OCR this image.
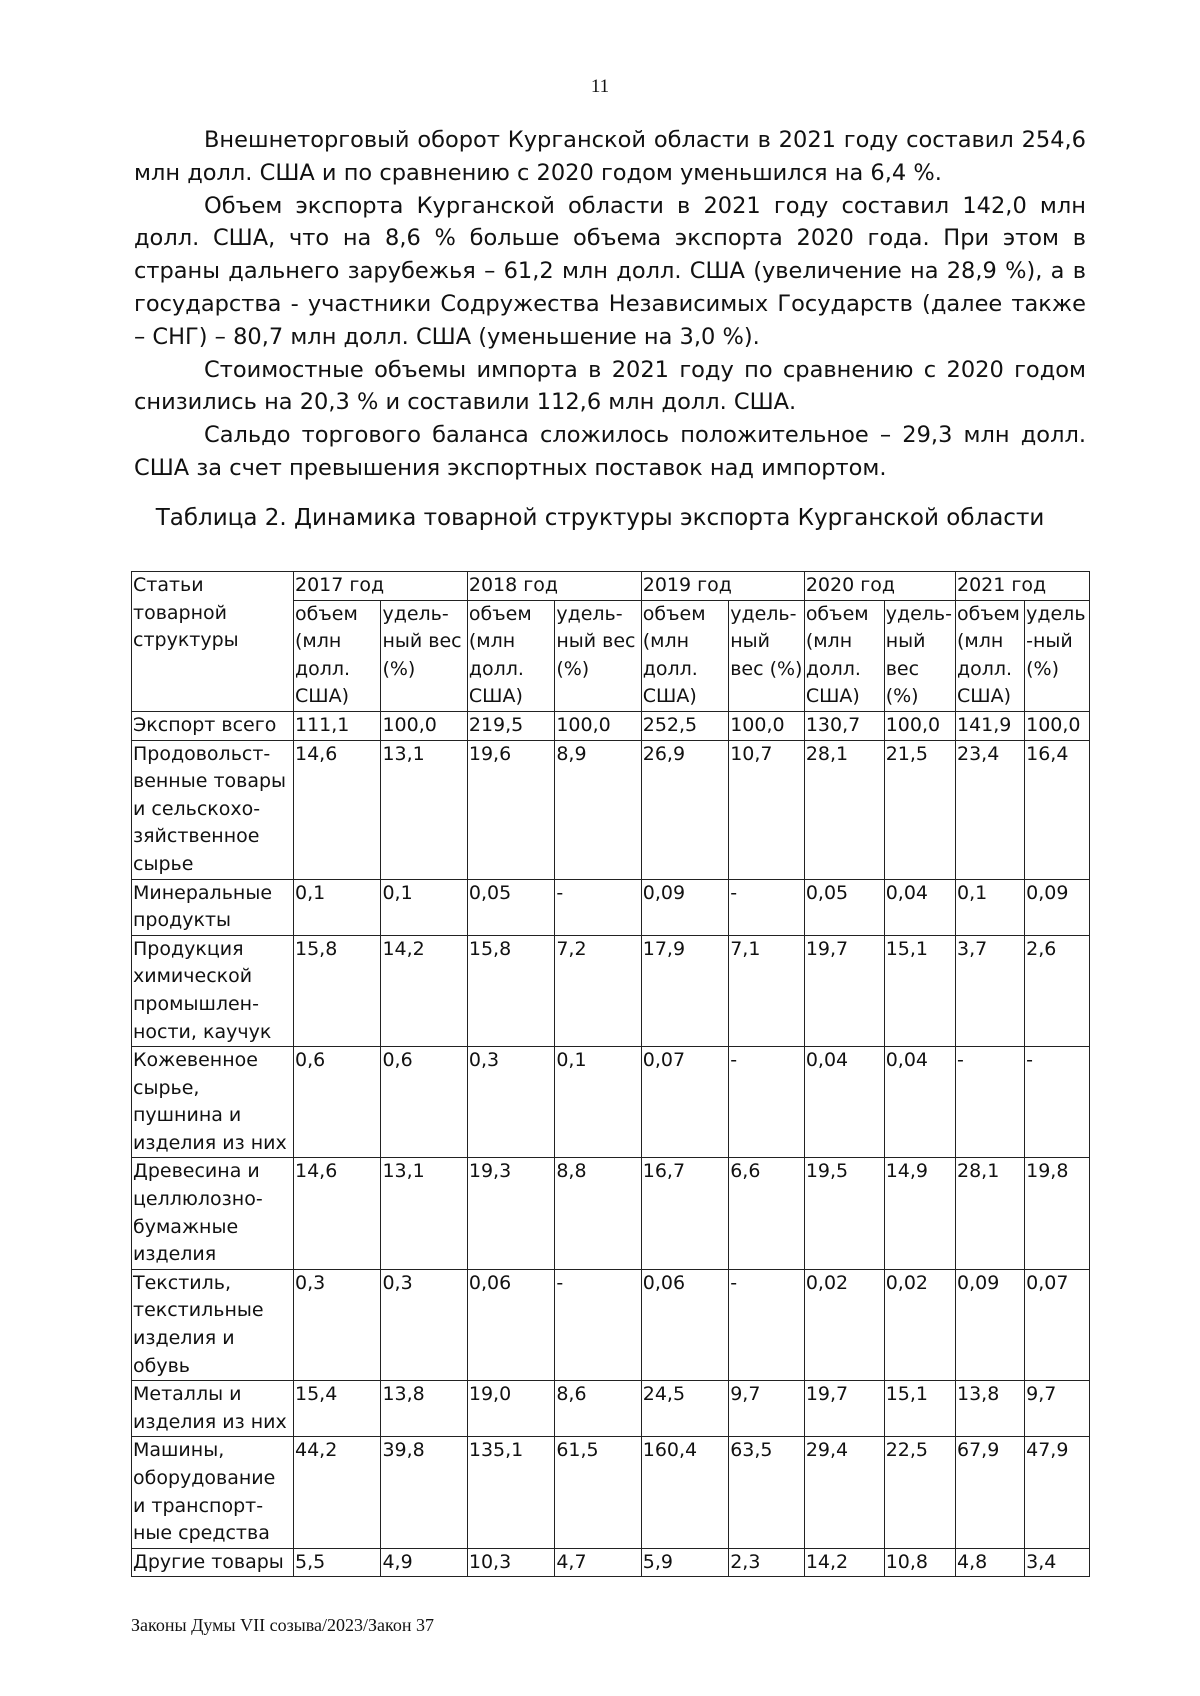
11

Внешнеторговый оборот Курганской области в 2021 году составил 254,6 млн долл. США и по сравнению с 2020 годом уменьшился на 6,4 %.

Объем экспорта Курганской области в 2021 году составил 142,0 млн долл. США, что на 8,6 % больше объема экспорта 2020 года. При этом в страны дальнего зарубежья – 61,2 млн долл. США (увеличение на 28,9 %), а в государства - участники Содружества Независимых Государств (далее также – СНГ) – 80,7 млн долл. США (уменьшение на 3,0 %).

Стоимостные объемы импорта в 2021 году по сравнению с 2020 годом снизились на 20,3 % и составили 112,6 млн долл. США.

Сальдо торгового баланса сложилось положительное – 29,3 млн долл. США за счет превышения экспортных поставок над импортом.

Таблица 2. Динамика товарной структуры экспорта Курганской области
Статьи товарной структуры	2017 год		2018 год		2019 год		2020 год		2021 год	
	объем (млн долл. США)	удель-ный вес (%)	объем (млн долл. США)	удель-ный вес (%)	объем (млн долл. США)	удель-ный вес (%)	объем (млн долл. США)	удель-ный вес (%)	объем (млн долл. США)	удель-ный (%)
Экспорт всего	111,1	100,0	219,5	100,0	252,5	100,0	130,7	100,0	141,9	100,0
Продовольст-венные товары и сельскохо-зяйственное сырье	14,6	13,1	19,6	8,9	26,9	10,7	28,1	21,5	23,4	16,4
Минеральные продукты	0,1	0,1	0,05	-	0,09	-	0,05	0,04	0,1	0,09
Продукция химической промышлен-ности, каучук	15,8	14,2	15,8	7,2	17,9	7,1	19,7	15,1	3,7	2,6
Кожевенное сырье, пушнина и изделия из них	0,6	0,6	0,3	0,1	0,07	-	0,04	0,04	-	-
Древесина и целлюлозно-бумажные изделия	14,6	13,1	19,3	8,8	16,7	6,6	19,5	14,9	28,1	19,8
Текстиль, текстильные изделия и обувь	0,3	0,3	0,06	-	0,06	-	0,02	0,02	0,09	0,07
Металлы и изделия из них	15,4	13,8	19,0	8,6	24,5	9,7	19,7	15,1	13,8	9,7
Машины, оборудование и транспорт-ные средства	44,2	39,8	135,1	61,5	160,4	63,5	29,4	22,5	67,9	47,9
Другие товары	5,5	4,9	10,3	4,7	5,9	2,3	14,2	10,8	4,8	3,4
Законы Думы VII созыва/2023/Закон 37
